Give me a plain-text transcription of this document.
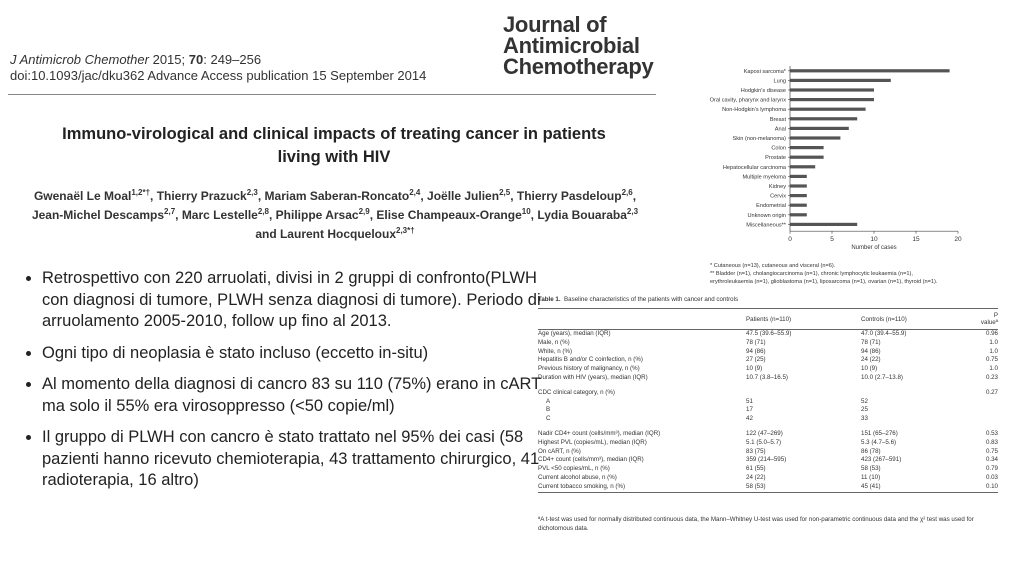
J Antimicrob Chemother 2015; 70: 249–256
doi:10.1093/jac/dku362 Advance Access publication 15 September 2014
Journal of
Antimicrobial
Chemotherapy
Immuno-virological and clinical impacts of treating cancer in patients
living with HIV
Gwenaël Le Moal$^{1,2*\dagger}$, Thierry Prazuck$^{2,3}$, Mariam Saberan-Roncato$^{2,4}$, Joëlle Julien$^{2,5}$, Thierry Pasdeloup$^{2,6}$, Jean-Michel Descamps$^{2,7}$, Marc Lestelle$^{2,8}$, Philippe Arsac$^{2,9}$, Elise Champeaux-Orange$^{10}$, Lydia Bouaraba$^{2,3}$ and Laurent Hocqueloux$^{2,3*\dagger}$
• Retrospettivo con 220 arruolati, divisi in 2 gruppi di confronto(PLWH con diagnosi di tumore, PLWH senza diagnosi di tumore). Periodo di arruolamento 2005-2010, follow up fino al 2013.
• Ogni tipo di neoplasia è stato incluso (eccetto in-situ)
• Al momento della diagnosi di cancro 83 su 110 (75%) erano in cART ma solo il 55% era virosoppresso (<50 copie/ml)
• Il gruppo di PLWH con cancro è stato trattato nel 95% dei casi (58 pazienti hanno ricevuto chemioterapia, 43 trattamento chirurgico, 41 radioterapia, 16 altro)
Kaposi sarcoma*
Lung
Hodgkin's disease
Oral cavity, pharynx and larynx
Non-Hodgkin's lymphoma
Breast
Anal
Skin (non-melanoma)
Colon
Prostate
Hepatocellular carcinoma
Multiple myeloma
Kidney
Cervix
Endometrial
Unknown origin
Miscellaneous**
0	5	10	15	20
Number of cases
* Cutaneous (n=13), cutaneous and visceral (n=6).
** Bladder (n=1), cholangiocarcinoma (n=1), chronic lymphocytic leukaemia (n=1),
erythroleukaemia (n=1), glioblastoma (n=1), liposarcoma (n=1), ovarian (n=1), thyroid (n=1).
Table 1. Baseline characteristics of the patients with cancer and controls
	Patients (n=110)	Controls (n=110)	P valueª
Age (years), median (IQR)	47.5 (39.6–55.9)	47.0 (39.4–55.9)	0.96
Male, n (%)	78 (71)	78 (71)	1.0
White, n (%)	94 (86)	94 (86)	1.0
Hepatitis B and/or C coinfection, n (%)	27 (25)	24 (22)	0.75
Previous history of malignancy, n (%)	10 (9)	10 (9)	1.0
Duration with HIV (years), median (IQR)	10.7 (3.8–16.5)	10.0 (2.7–13.8)	0.23

CDC clinical category, n (%)			0.27
A	51	52	
B	17	25	
C	42	33	

Nadir CD4+ count (cells/mm³), median (IQR)	122 (47–269)	151 (65–276)	0.53
Highest PVL (copies/mL), median (IQR)	5.1 (5.0–5.7)	5.3 (4.7–5.6)	0.83
On cART, n (%)	83 (75)	86 (78)	0.75
CD4+ count (cells/mm³), median (IQR)	359 (214–595)	423 (267–591)	0.34
PVL <50 copies/mL, n (%)	61 (55)	58 (53)	0.79
Current alcohol abuse, n (%)	24 (22)	11 (10)	0.03
Current tobacco smoking, n (%)	58 (53)	45 (41)	0.10
ªA t-test was used for normally distributed continuous data, the Mann–Whitney U-test was used for non-parametric continuous data and the χ² test was used for dichotomous data.
